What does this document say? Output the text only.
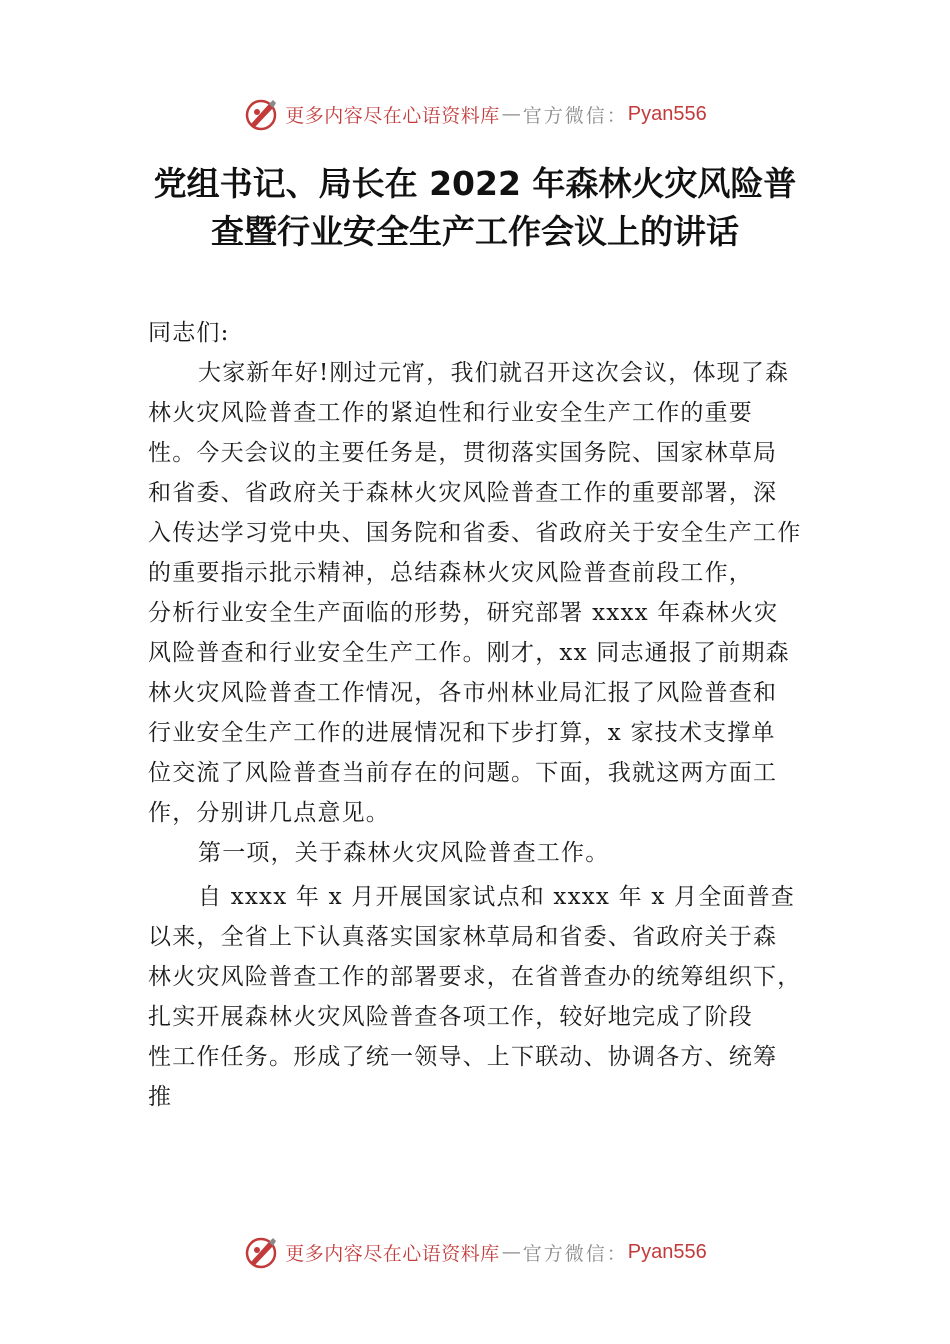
更多内容尽在心语资料库 — 官方微信： Pyan556
党组书记、局长在 2022 年森林火灾风险普
查暨行业安全生产工作会议上的讲话
同志们:
大家新年好!刚过元宵，我们就召开这次会议，体现了森
林火灾风险普查工作的紧迫性和行业安全生产工作的重要
性。今天会议的主要任务是，贯彻落实国务院、国家林草局
和省委、省政府关于森林火灾风险普查工作的重要部署，深
入传达学习党中央、国务院和省委、省政府关于安全生产工作
的重要指示批示精神，总结森林火灾风险普查前段工作，
分析行业安全生产面临的形势，研究部署 xxxx 年森林火灾
风险普查和行业安全生产工作。刚才，xx 同志通报了前期森
林火灾风险普查工作情况，各市州林业局汇报了风险普查和
行业安全生产工作的进展情况和下步打算，x 家技术支撑单
位交流了风险普查当前存在的问题。下面，我就这两方面工
作，分别讲几点意见。
第一项，关于森林火灾风险普查工作。
自 xxxx 年 x 月开展国家试点和 xxxx 年 x 月全面普查
以来，全省上下认真落实国家林草局和省委、省政府关于森
林火灾风险普查工作的部署要求，在省普查办的统筹组织下，
扎实开展森林火灾风险普查各项工作，较好地完成了阶段
性工作任务。形成了统一领导、上下联动、协调各方、统筹
推
更多内容尽在心语资料库 — 官方微信： Pyan556
